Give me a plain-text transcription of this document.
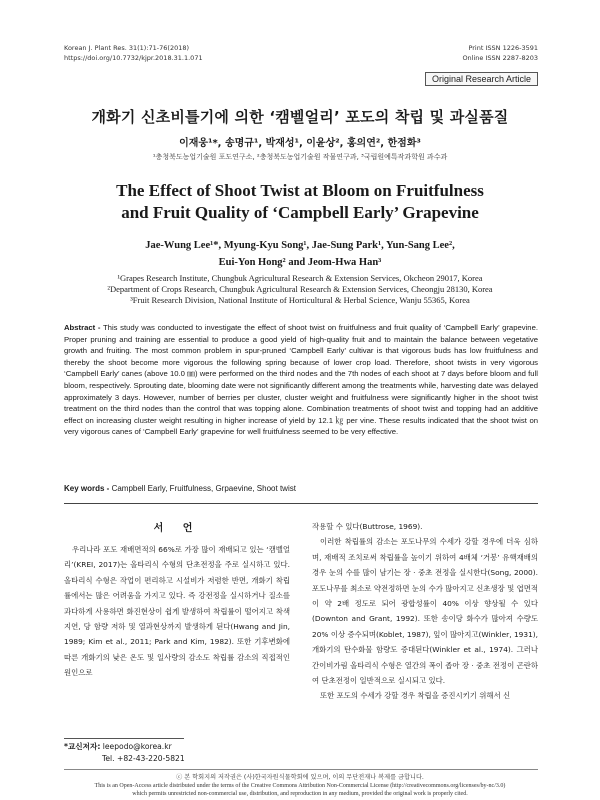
Korean J. Plant Res. 31(1):71-76(2018)
https://doi.org/10.7732/kjpr.2018.31.1.071
Print ISSN 1226-3591
Online ISSN 2287-8203
Original Research Article
개화기 신초비틀기에 의한 ‘캠벨얼리’ 포도의 착립 및 과실품질
이재웅¹*, 송명규¹, 박재성¹, 이윤상², 홍의연², 한점화³
¹충청북도농업기술원 포도연구소, ²충청북도농업기술원 작물연구과, ³국립원예특작과학원 과수과
The Effect of Shoot Twist at Bloom on Fruitfulness
and Fruit Quality of ‘Campbell Early’ Grapevine
Jae-Wung Lee¹*, Myung-Kyu Song¹, Jae-Sung Park¹, Yun-Sang Lee²,
Eui-Yon Hong² and Jeom-Hwa Han³
¹Grapes Research Institute, Chungbuk Agricultural Research & Extension Services, Okcheon 29017, Korea
²Department of Crops Research, Chungbuk Agricultural Research & Extension Services, Cheongju 28130, Korea
³Fruit Research Division, National Institute of Horticultural & Herbal Science, Wanju 55365, Korea
Abstract - This study was conducted to investigate the effect of shoot twist on fruitfulness and fruit quality of ‘Campbell Early’ grapevine. Proper pruning and training are essential to produce a good yield of high-quality fruit and to maintain the balance between vegetative growth and fruiting. The most common problem in spur-pruned ‘Campbell Early’ cultivar is that vigorous buds has low fruitfulness and thereby the shoot become more vigorous the following spring because of lower crop load. Therefore, shoot twists in very vigorous ‘Campbell Early’ canes (above 10.0 ㎜) were performed on the third nodes and the 7th nodes of each shoot at 7 days before bloom and full bloom, respectively. Sprouting date, blooming date were not significantly different among the treatments while, harvesting date was delayed approximately 3 days. However, number of berries per cluster, cluster weight and fruitfulness were significantly higher in the shoot twist treatment on the third nodes than the control that was topping alone. Combination treatments of shoot twist and topping had an additive effect on increasing cluster weight resulting in higher increase of yield by 12.1 ㎏ per vine. These results indicated that the shoot twist on very vigorous canes of ‘Campbell Early’ grapevine for well fruitfulness seemed to be very effective.
Key words - Campbell Early, Fruitfulness, Grpaevine, Shoot twist
서 언

우리나라 포도 재배면적의 66%로 가장 많이 재배되고 있는 ‘캠벨얼리’(KREI, 2017)는 올타리식 수형의 단초전정을 주로 실시하고 있다. 올타리식 수형은 작업이 편리하고 시설비가 저렴한 반면, 개화기 착립률에서는 많은 어려움을 가지고 있다. 즉 강전정을 실시하거나 질소를 과다하게 사용하면 화진현상이 쉽게 발생하여 착립률이 떨어지고 착색지연, 당 함량 저하 및 열과현상까지 발생하게 된다(Hwang and Jin, 1989; Kim et al., 2011; Park and Kim, 1982). 또한 기후변화에 따른 개화기의 낮은 온도 및 일사량의 감소도 착립률 감소의 직접적인 원인으로

작용할 수 있다(Buttrose, 1969).

이러한 착립률의 감소는 포도나무의 수세가 강할 경우에 더욱 심하며, 재배적 조치로써 착립률을 높이기 위하여 4배체 ‘거봉’ 유핵재배의 경우 눈의 수를 많이 남기는 장 · 중초 전정을 실시한다(Song, 2000). 포도나무를 최소로 약전정하면 눈의 수가 많아지고 신초생장 및 엽면적이 약 2배 정도로 되어 광합성률이 40% 이상 향상될 수 있다(Downton and Grant, 1992). 또한 송이당 화수가 많아져 수량도 20% 이상 증수되며(Koblet, 1987), 잎이 많아지고(Winkler, 1931), 개화기의 탄수화물 함량도 증대된다(Winkler et al., 1974). 그러나 간이비가림 올타리식 수형은 열간의 폭이 좁아 장 · 중초 전정이 곤란하여 단초전정이 일반적으로 실시되고 있다.

또한 포도의 수세가 강할 경우 착립을 증진시키기 위해서 신

*교신저자: leepodo@korea.kr
Tel. +82-43-220-5821
ⓒ 본 학회지의 저작권은 (사)한국자원식물학회에 있으며, 이의 무단전재나 복제를 금합니다.
This is an Open-Access article distributed under the terms of the Creative Commons Attribution Non-Commercial License (http://creativecommons.org/licenses/by-nc/3.0)
which permits unrestricted non-commercial use, distribution, and reproduction in any medium, provided the original work is properly cited.
